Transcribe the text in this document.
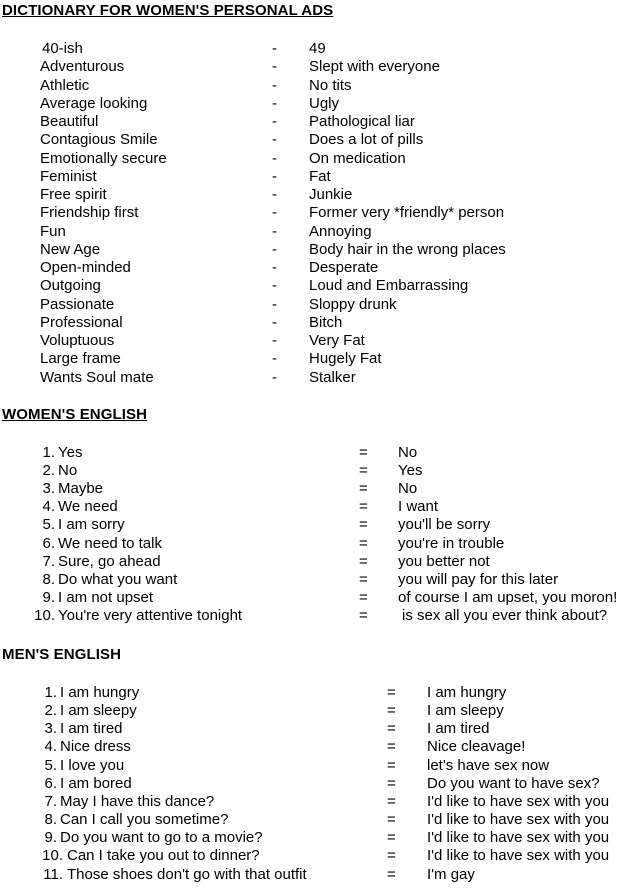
DICTIONARY FOR WOMEN'S PERSONAL ADS
40-ish	- 49
Adventurous	- Slept with everyone
Athletic	- No tits
Average looking	- Ugly
Beautiful	- Pathological liar
Contagious Smile	- Does a lot of pills
Emotionally secure	- On medication
Feminist	- Fat
Free spirit	- Junkie
Friendship first	- Former very *friendly* person
Fun	- Annoying
New Age	- Body hair in the wrong places
Open-minded	- Desperate
Outgoing	- Loud and Embarrassing
Passionate	- Sloppy drunk
Professional	- Bitch
Voluptuous	- Very Fat
Large frame	- Hugely Fat
Wants Soul mate	- Stalker
WOMEN'S ENGLISH
1. Yes	= No
2. No	= Yes
3. Maybe	= No
4. We need	= I want
5. I am sorry	= you'll be sorry
6. We need to talk	= you're in trouble
7. Sure, go ahead	= you better not
8. Do what you want	= you will pay for this later
9. I am not upset	= of course I am upset, you moron!
10. You're very attentive tonight	= is sex all you ever think about?
MEN'S ENGLISH
1. I am hungry	= I am hungry
2. I am sleepy	= I am sleepy
3. I am tired	= I am tired
4. Nice dress	= Nice cleavage!
5. I love you	= let's have sex now
6. I am bored	= Do you want to have sex?
7. May I have this dance?	= I'd like to have sex with you
8. Can I call you sometime?	= I'd like to have sex with you
9. Do you want to go to a movie?	= I'd like to have sex with you
10. Can I take you out to dinner?	= I'd like to have sex with you
11. Those shoes don't go with that outfit	= I'm gay
